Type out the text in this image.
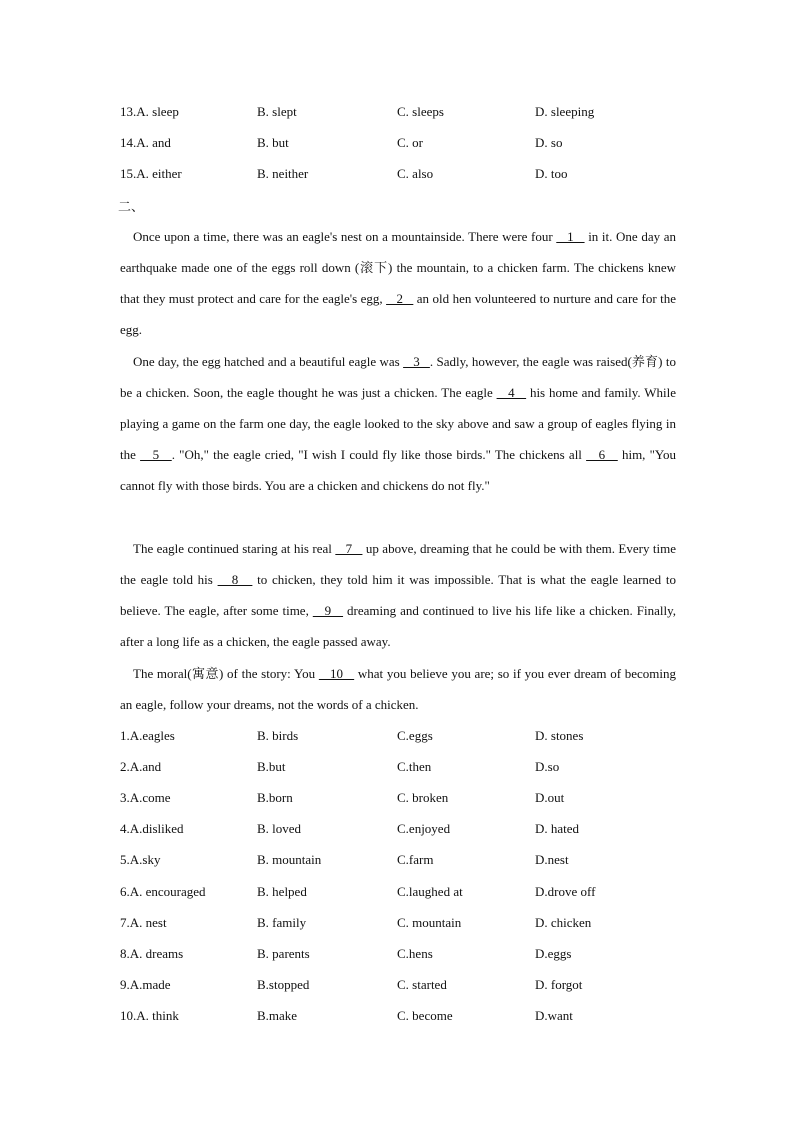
13.A. sleep	B. slept	C. sleeps	D. sleeping
14.A. and	B. but	C. or	D. so
15.A. either	B. neither	C. also	D. too
二、

Once upon a time, there was an eagle's nest on a mountainside. There were four    1    in it. One day an earthquake made one of the eggs roll down (滚下) the mountain, to a chicken farm. The chickens knew that they must protect and care for the eagle's egg,    2    an old hen volunteered to nurture and care for the egg.

One day, the egg hatched and a beautiful eagle was    3   . Sadly, however, the eagle was raised(养育) to be a chicken. Soon, the eagle thought he was just a chicken. The eagle    4    his home and family. While playing a game on the farm one day, the eagle looked to the sky above and saw a group of eagles flying in the    5   . "Oh," the eagle cried, "I wish I could fly like those birds." The chickens all    6    him, "You cannot fly with those birds. You are a chicken and chickens do not fly."

The eagle continued staring at his real    7    up above, dreaming that he could be with them. Every time the eagle told his    8    to chicken, they told him it was impossible. That is what the eagle learned to believe. The eagle, after some time,    9    dreaming and continued to live his life like a chicken. Finally, after a long life as a chicken, the eagle passed away.

The moral(寓意) of the story: You    10    what you believe you are; so if you ever dream of becoming an eagle, follow your dreams, not the words of a chicken.

1.A.eagles	B. birds	C.eggs	D. stones
2.A.and	B.but	C.then	D.so
3.A.come	B.born	C. broken	D.out
4.A.disliked	B. loved	C.enjoyed	D. hated
5.A.sky	B. mountain	C.farm	D.nest
6.A. encouraged	B. helped	C.laughed at	D.drove off
7.A. nest	B. family	C. mountain	D. chicken
8.A. dreams	B. parents	C.hens	D.eggs
9.A.made	B.stopped	C. started	D. forgot
10.A. think	B.make	C. become	D.want
